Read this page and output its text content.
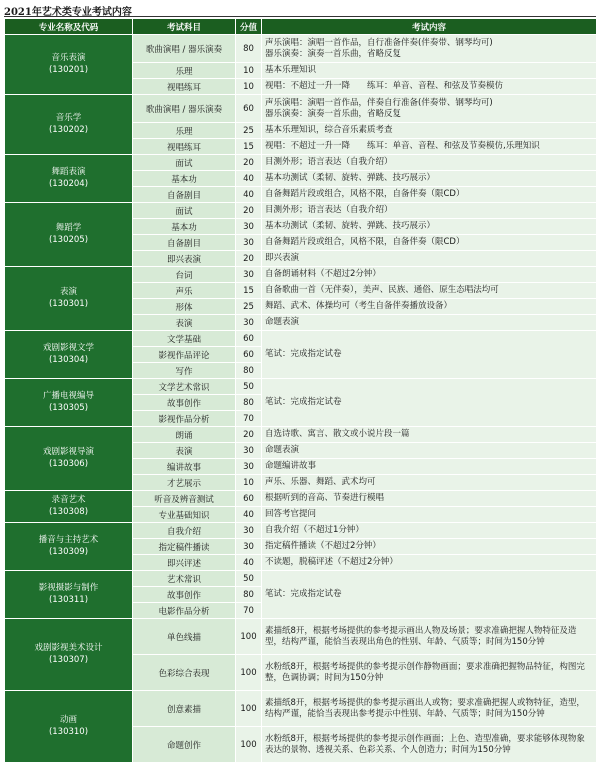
2021年艺术类专业考试内容
专业名称及代码	考试科目	分值	考试内容

音乐表演
(130201)	歌曲演唱 / 器乐演奏	80	声乐演唱：演唱一首作品，自行准备伴奏(伴奏带、钢琴均可)
器乐演奏：演奏一首乐曲，省略反复

	乐理	10	基本乐理知识

	视唱练耳	10	视唱：不超过一升一降　　练耳：单音、音程、和弦及节奏模仿

音乐学
(130202)	歌曲演唱 / 器乐演奏	60	声乐演唱：演唱一首作品，伴奏自行准备(伴奏带、钢琴均可)
器乐演奏：演奏一首乐曲，省略反复

	乐理	25	基本乐理知识，综合音乐素质考查

	视唱练耳	15	视唱：不超过一升一降　　练耳：单音、音程、和弦及节奏模仿,乐理知识

舞蹈表演
(130204)	面试	20	目测外形；语言表达（自我介绍）

	基本功	40	基本功测试（柔韧、旋转、弹跳、技巧展示）

	自备剧目	40	自备舞蹈片段或组合，风格不限，自备伴奏（限CD）

舞蹈学
(130205)	面试	20	目测外形；语言表达（自我介绍）

	基本功	30	基本功测试（柔韧、旋转、弹跳、技巧展示）

	自备剧目	30	自备舞蹈片段或组合，风格不限，自备伴奏（限CD）

	即兴表演	20	即兴表演

表演
(130301)	台词	30	自备朗诵材料（不超过2分钟）

	声乐	15	自备歌曲一首（无伴奏），美声、民族、通俗、原生态唱法均可

	形体	25	舞蹈、武术、体操均可（考生自备伴奏播放设备）

	表演	30	命题表演

戏剧影视文学
(130304)	文学基础	60	笔试：完成指定试卷
	影视作品评论	60	
	写作	80	

广播电视编导
(130305)	文学艺术常识	50	笔试：完成指定试卷
	故事创作	80	
	影视作品分析	70	

戏剧影视导演
(130306)	朗诵	20	自选诗歌、寓言、散文或小说片段一篇

	表演	30	命题表演

	编讲故事	30	命题编讲故事

	才艺展示	10	声乐、乐器、舞蹈、武术均可

录音艺术
(130308)	听音及辨音测试	60	根据听到的音高、节奏进行模唱

	专业基础知识	40	回答考官提问

播音与主持艺术
(130309)	自我介绍	30	自我介绍（不超过1分钟）

	指定稿件播读	30	指定稿件播读（不超过2分钟）

	即兴评述	40	不读题，脱稿评述（不超过2分钟）

影视摄影与制作
(130311)	艺术常识	50	笔试：完成指定试卷
	故事创作	80	
	电影作品分析	70	

戏剧影视美术设计
(130307)	单色线描	100	素描纸8开，根据考场提供的参考提示画出人物及场景；要求准确把握人物特征及造型，结构严谨，能恰当表现出角色的性别、年龄、气质等；时间为150分钟

	色彩综合表现	100	水粉纸8开，根据考场提供的参考提示创作静物画面；要求准确把握物品特征，构图完整，色调协调；时间为150分钟

动画
(130310)	创意素描	100	素描纸8开，根据考场提供的参考提示画出人或物；要求准确把握人或物特征，造型，结构严谨，能恰当表现出参考提示中性别、年龄、气质等；时间为150分钟

	命题创作	100	水粉纸8开，根据考场提供的参考提示创作画面；上色、造型准确，要求能够体现物象表达的景物、透视关系、色彩关系、个人创造力；时间为150分钟
